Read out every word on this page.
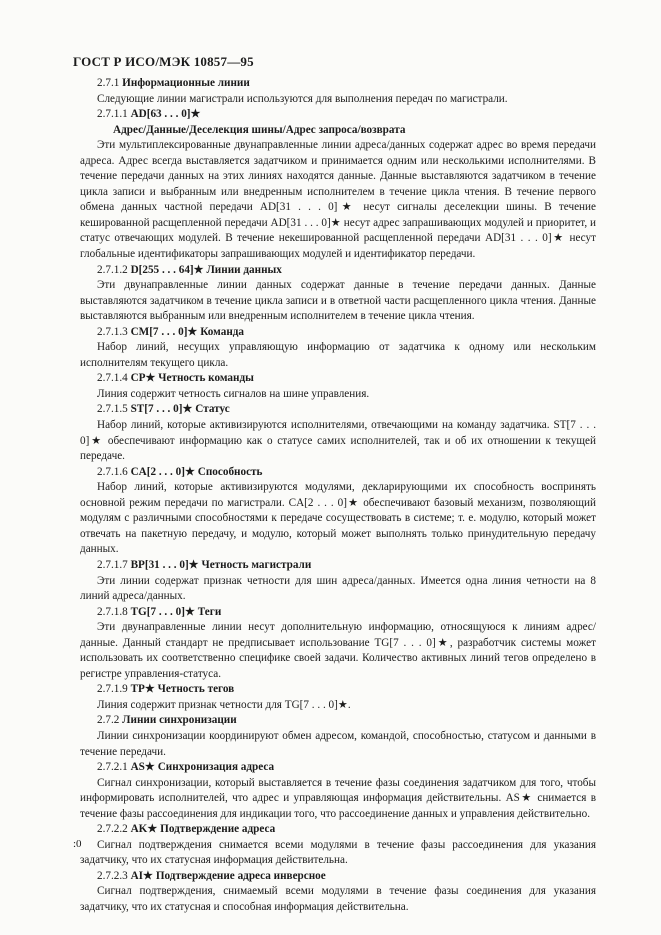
ГОСТ Р ИСО/МЭК 10857—95

2.7.1 Информационные линии

Следующие линии магистрали используются для выполнения передач по магистрали.

2.7.1.1 AD[63 . . . 0]★

Адрес/Данные/Деселекция шины/Адрес запроса/возврата

Эти мультиплексированные двунаправленные линии адреса/данных содержат адрес во время передачи адреса. Адрес всегда выставляется задатчиком и принимается одним или несколькими исполнителями. В течение передачи данных на этих линиях находятся данные. Данные выставляются задатчиком в течение цикла записи и выбранным или внедренным исполнителем в течение цикла чтения. В течение первого обмена данных частной передачи AD[31 . . . 0]★ несут сигналы деселекции шины. В течение кешированной расщепленной передачи AD[31 . . . 0]★ несут адрес запрашивающих модулей и приоритет, и статус отвечающих модулей. В течение некешированной расщепленной передачи AD[31 . . . 0]★ несут глобальные идентификаторы запрашивающих модулей и идентификатор передачи.

2.7.1.2 D[255 . . . 64]★ Линии данных

Эти двунаправленные линии данных содержат данные в течение передачи данных. Данные выставляются задатчиком в течение цикла записи и в ответной части расщепленного цикла чтения. Данные выставляются выбранным или внедренным исполнителем в течение цикла чтения.

2.7.1.3 CM[7 . . . 0]★ Команда

Набор линий, несущих управляющую информацию от задатчика к одному или нескольким исполнителям текущего цикла.

2.7.1.4 CP★ Четность команды

Линия содержит четность сигналов на шине управления.

2.7.1.5 ST[7 . . . 0]★ Статус

Набор линий, которые активизируются исполнителями, отвечающими на команду задатчика. ST[7 . . . 0]★ обеспечивают информацию как о статусе самих исполнителей, так и об их отношении к текущей передаче.

2.7.1.6 CA[2 . . . 0]★ Способность

Набор линий, которые активизируются модулями, декларирующими их способность воспринять основной режим передачи по магистрали. CA[2 . . . 0]★ обеспечивают базовый механизм, позволяющий модулям с различными способностями к передаче сосуществовать в системе; т. е. модулю, который может отвечать на пакетную передачу, и модулю, который может выполнять только принудительную передачу данных.

2.7.1.7 BP[31 . . . 0]★ Четность магистрали

Эти линии содержат признак четности для шин адреса/данных. Имеется одна линия четности на 8 линий адреса/данных.

2.7.1.8 TG[7 . . . 0]★ Теги

Эти двунаправленные линии несут дополнительную информацию, относящуюся к линиям адрес/данные. Данный стандарт не предписывает использование TG[7 . . . 0]★, разработчик системы может использовать их соответственно специфике своей задачи. Количество активных линий тегов определено в регистре управления-статуса.

2.7.1.9 TP★ Четность тегов

Линия содержит признак четности для TG[7 . . . 0]★.

2.7.2 Линии синхронизации

Линии синхронизации координируют обмен адресом, командой, способностью, статусом и данными в течение передачи.

2.7.2.1 AS★ Синхронизация адреса

Сигнал синхронизации, который выставляется в течение фазы соединения задатчиком для того, чтобы информировать исполнителей, что адрес и управляющая информация действительны. AS★ снимается в течение фазы рассоединения для индикации того, что рассоединение данных и управления действительно.

2.7.2.2 AK★ Подтверждение адреса

Сигнал подтверждения снимается всеми модулями в течение фазы рассоединения для указания задатчику, что их статусная информация действительна.

2.7.2.3 AI★ Подтверждение адреса инверсное

Сигнал подтверждения, снимаемый всеми модулями в течение фазы соединения для указания задатчику, что их статусная и способная информация действительна.

:0
